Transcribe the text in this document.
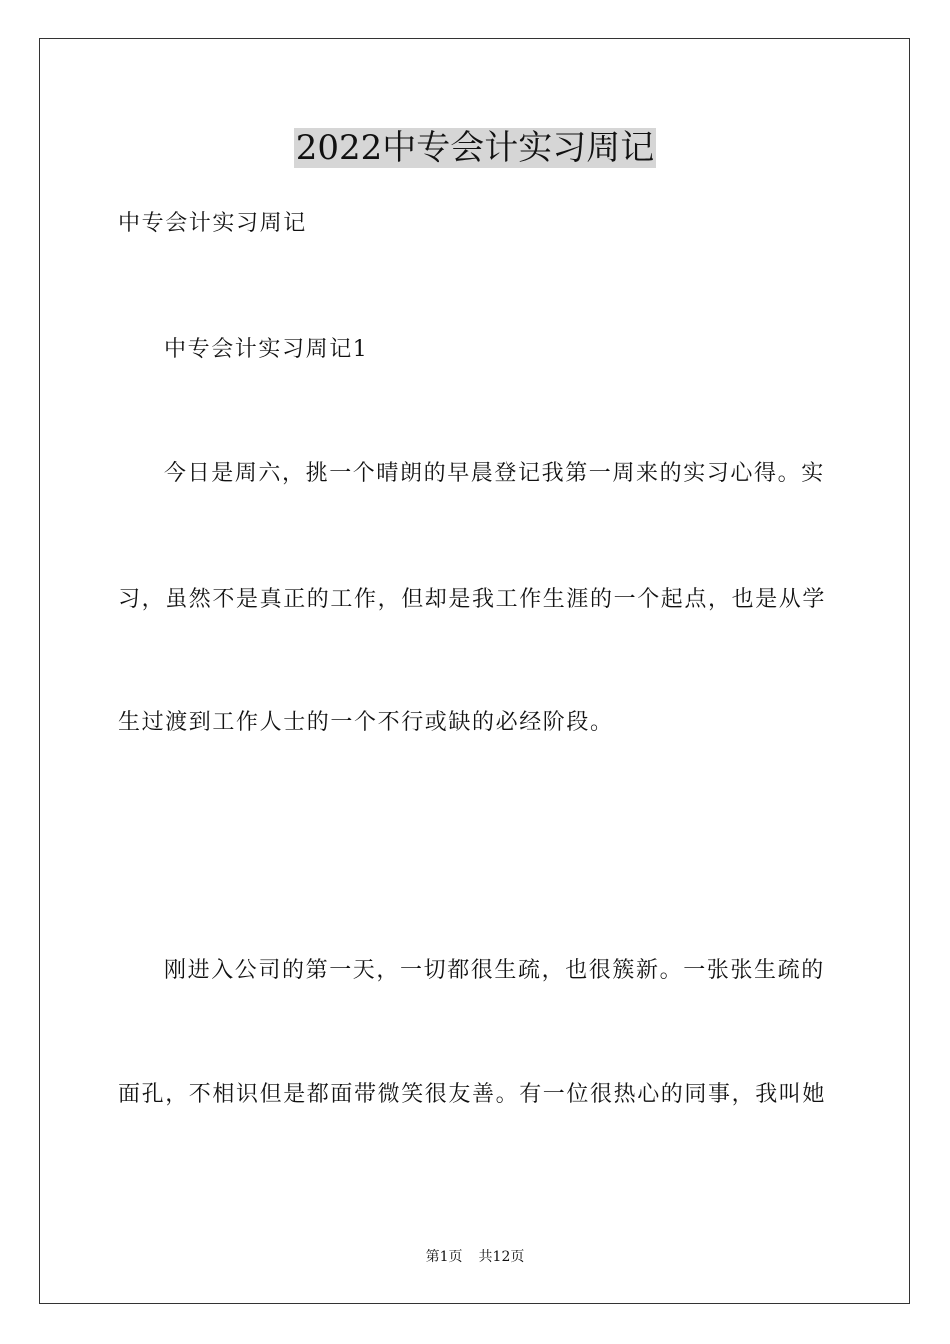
2022中专会计实习周记

中专会计实习周记

中专会计实习周记1

今日是周六，挑一个晴朗的早晨登记我第一周来的实习心得。实

习，虽然不是真正的工作，但却是我工作生涯的一个起点，也是从学

生过渡到工作人士的一个不行或缺的必经阶段。

刚进入公司的第一天，一切都很生疏，也很簇新。一张张生疏的

面孔，不相识但是都面带微笑很友善。有一位很热心的同事，我叫她

第1页 共12页
